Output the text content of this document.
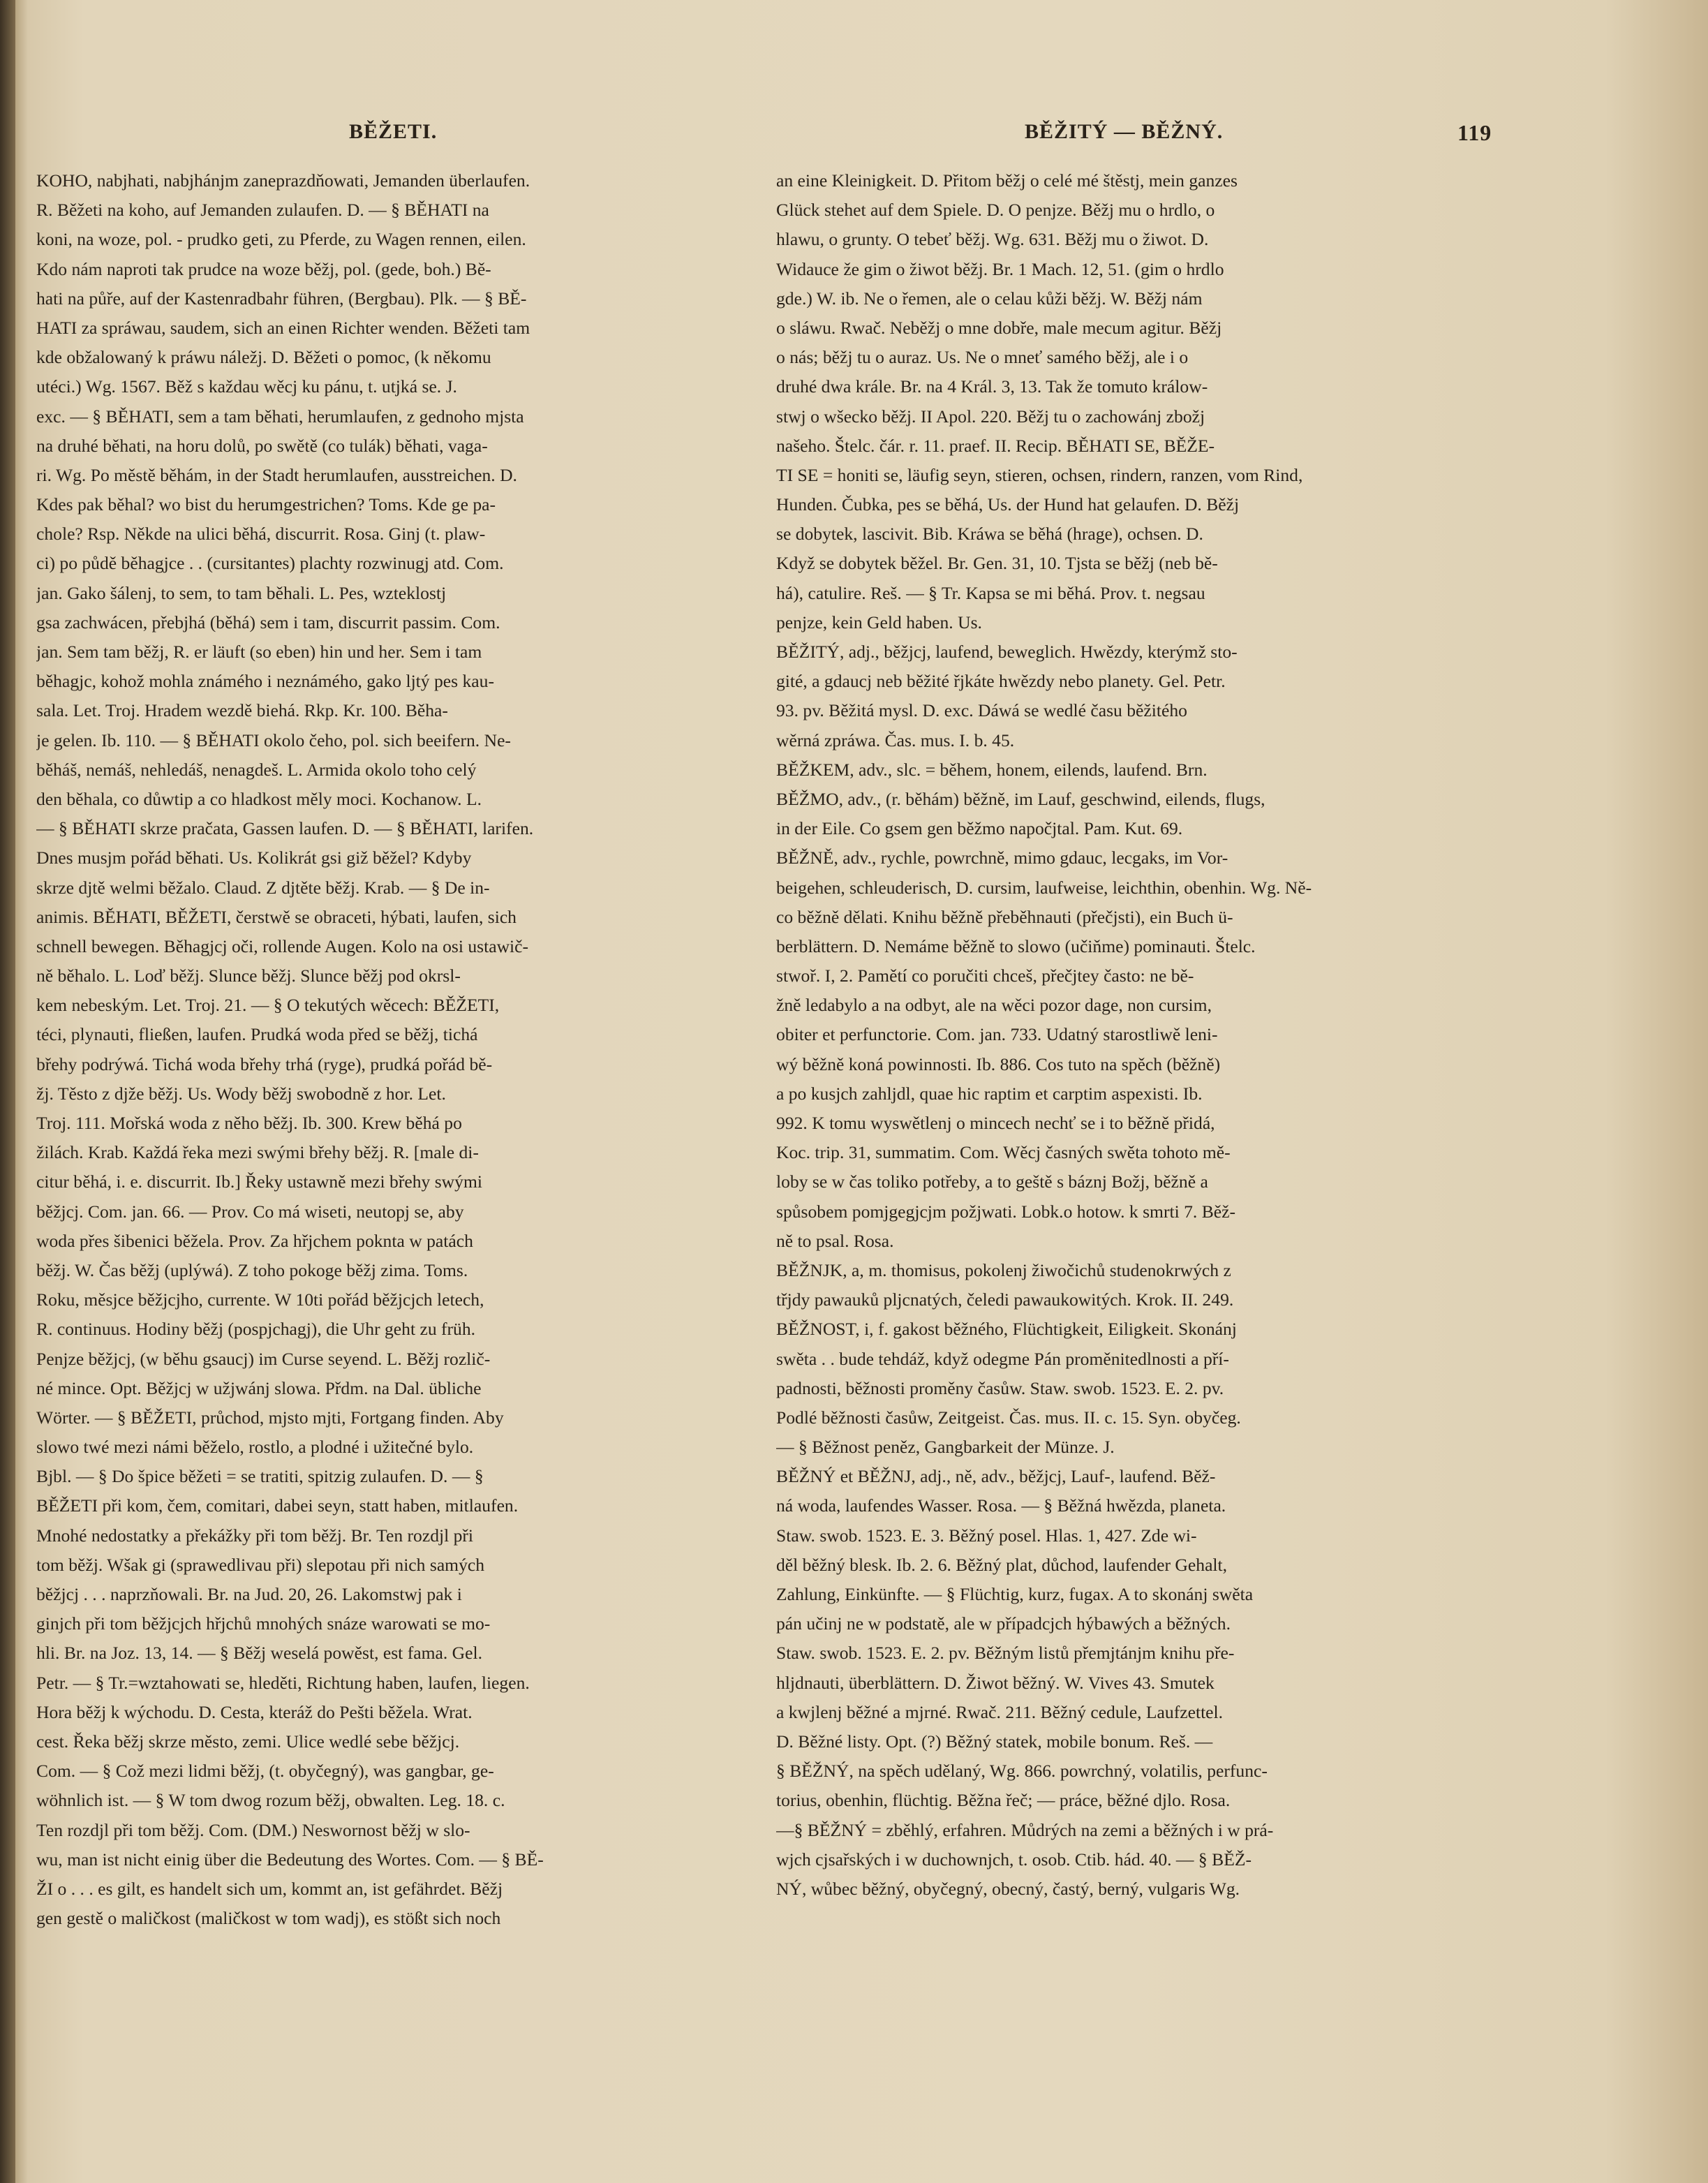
BĚŽETI.	BĚŽITÝ — BĚŽNÝ.	119
KOHO, nabjhati, nabjhánjm zaneprazdňowati, Jemanden überlaufen.
R. Běžeti na koho, auf Jemanden zulaufen. D. — § BĚHATI na
koni, na woze, pol. - prudko geti, zu Pferde, zu Wagen rennen, eilen.
Kdo nám naproti tak prudce na woze běžj, pol. (gede, boh.) Bě-
hati na půře, auf der Kastenradbahr führen, (Bergbau). Plk. — § BĚ-
HATI za spráwau, saudem, sich an einen Richter wenden. Běžeti tam
kde obžalowaný k práwu náležj. D. Běžeti o pomoc, (k někomu
utéci.) Wg. 1567. Běž s každau wěcj ku pánu, t. utjká se. J.
exc. — § BĚHATI, sem a tam běhati, herumlaufen, z gednoho mjsta
na druhé běhati, na horu dolů, po swětě (co tulák) běhati, vaga-
ri. Wg. Po městě běhám, in der Stadt herumlaufen, ausstreichen. D.
Kdes pak běhal? wo bist du herumgestrichen? Toms. Kde ge pa-
chole? Rsp. Někde na ulici běhá, discurrit. Rosa. Ginj (t. plaw-
ci) po půdě běhagjce . . (cursitantes) plachty rozwinugj atd. Com.
jan. Gako šálenj, to sem, to tam běhali. L. Pes, wzteklostj
gsa zachwácen, přebjhá (běhá) sem i tam, discurrit passim. Com.
jan. Sem tam běžj, R. er läuft (so eben) hin und her. Sem i tam
běhagjc, kohož mohla známého i neznámého, gako ljtý pes kau-
sala. Let. Troj. Hradem wezdě biehá. Rkp. Kr. 100. Běha-
je gelen. Ib. 110. — § BĚHATI okolo čeho, pol. sich beeifern. Ne-
běháš, nemáš, nehledáš, nenagdeš. L. Armida okolo toho celý
den běhala, co důwtip a co hladkost měly moci. Kochanow. L.
— § BĚHATI skrze pračata, Gassen laufen. D. — § BĚHATI, larifen.
Dnes musjm pořád běhati. Us. Kolikrát gsi giž běžel? Kdyby
skrze djtě welmi běžalo. Claud. Z djtěte běžj. Krab. — § De in-
animis. BĚHATI, BĚŽETI, čerstwě se obraceti, hýbati, laufen, sich
schnell bewegen. Běhagjcj oči, rollende Augen. Kolo na osi ustawič-
ně běhalo. L. Loď běžj. Slunce běžj. Slunce běžj pod okrsl-
kem nebeským. Let. Troj. 21. — § O tekutých wěcech: BĚŽETI,
téci, plynauti, fließen, laufen. Prudká woda před se běžj, tichá
břehy podrýwá. Tichá woda břehy trhá (ryge), prudká pořád bě-
žj. Těsto z djže běžj. Us. Wody běžj swobodně z hor. Let.
Troj. 111. Mořská woda z něho běžj. Ib. 300. Krew běhá po
žilách. Krab. Každá řeka mezi swými břehy běžj. R. [male di-
citur běhá, i. e. discurrit. Ib.] Řeky ustawně mezi břehy swými
běžjcj. Com. jan. 66. — Prov. Co má wiseti, neutopj se, aby
woda přes šibenici běžela. Prov. Za hřjchem poknta w patách
běžj. W. Čas běžj (uplýwá). Z toho pokoge běžj zima. Toms.
Roku, měsjce běžjcjho, currente. W 10ti pořád běžjcjch letech,
R. continuus. Hodiny běžj (pospjchagj), die Uhr geht zu früh.
Penjze běžjcj, (w běhu gsaucj) im Curse seyend. L. Běžj rozlič-
né mince. Opt. Běžjcj w užjwánj slowa. Přdm. na Dal. übliche
Wörter. — § BĚŽETI, průchod, mjsto mjti, Fortgang finden. Aby
slowo twé mezi námi běželo, rostlo, a plodné i užitečné bylo.
Bjbl. — § Do špice běžeti = se tratiti, spitzig zulaufen. D. — §
BĚŽETI při kom, čem, comitari, dabei seyn, statt haben, mitlaufen.
Mnohé nedostatky a překážky při tom běžj. Br. Ten rozdjl při
tom běžj. Wšak gi (sprawedlivau při) slepotau při nich samých
běžjcj . . . naprzňowali. Br. na Jud. 20, 26. Lakomstwj pak i
ginjch při tom běžjcjch hřjchů mnohých snáze warowati se mo-
hli. Br. na Joz. 13, 14. — § Běžj weselá powěst, est fama. Gel.
Petr. — § Tr.=wztahowati se, hleděti, Richtung haben, laufen, liegen.
Hora běžj k wýchodu. D. Cesta, kteráž do Pešti běžela. Wrat.
cest. Řeka běžj skrze město, zemi. Ulice wedlé sebe běžjcj.
Com. — § Což mezi lidmi běžj, (t. obyčegný), was gangbar, ge-
wöhnlich ist. — § W tom dwog rozum běžj, obwalten. Leg. 18. c.
Ten rozdjl při tom běžj. Com. (DM.) Neswornost běžj w slo-
wu, man ist nicht einig über die Bedeutung des Wortes. Com. — § BĚ-
ŽI o . . . es gilt, es handelt sich um, kommt an, ist gefährdet. Běžj
gen gestě o maličkost (maličkost w tom wadj), es stößt sich noch
an eine Kleinigkeit. D. Přitom běžj o celé mé štěstj, mein ganzes
Glück stehet auf dem Spiele. D. O penjze. Běžj mu o hrdlo, o
hlawu, o grunty. O tebeť běžj. Wg. 631. Běžj mu o žiwot. D.
Widauce že gim o žiwot běžj. Br. 1 Mach. 12, 51. (gim o hrdlo
gde.) W. ib. Ne o řemen, ale o celau kůži běžj. W. Běžj nám
o sláwu. Rwač. Neběžj o mne dobře, male mecum agitur. Běžj
o nás; běžj tu o auraz. Us. Ne o mneť samého běžj, ale i o
druhé dwa krále. Br. na 4 Král. 3, 13. Tak že tomuto králow-
stwj o wšecko běžj. II Apol. 220. Běžj tu o zachowánj zbožj
našeho. Štelc. čár. r. 11. praef. II. Recip. BĚHATI SE, BĚŽE-
TI SE = honiti se, läufig seyn, stieren, ochsen, rindern, ranzen, vom Rind,
Hunden. Čubka, pes se běhá, Us. der Hund hat gelaufen. D. Běžj
se dobytek, lascivit. Bib. Kráwa se běhá (hrage), ochsen. D.
Když se dobytek běžel. Br. Gen. 31, 10. Tjsta se běžj (neb bě-
há), catulire. Reš. — § Tr. Kapsa se mi běhá. Prov. t. negsau
penjze, kein Geld haben. Us.
BĚŽITÝ, adj., běžjcj, laufend, beweglich. Hwězdy, kterýmž sto-
gité, a gdaucj neb běžité řjkáte hwězdy nebo planety. Gel. Petr.
93. pv. Běžitá mysl. D. exc. Dáwá se wedlé času běžitého
wěrná zpráwa. Čas. mus. I. b. 45.
BĚŽKEM, adv., slc. = během, honem, eilends, laufend. Brn.
BĚŽMO, adv., (r. běhám) běžně, im Lauf, geschwind, eilends, flugs,
in der Eile. Co gsem gen běžmo napočjtal. Pam. Kut. 69.
BĚŽNĚ, adv., rychle, powrchně, mimo gdauc, lecgaks, im Vor-
beigehen, schleuderisch, D. cursim, laufweise, leichthin, obenhin. Wg. Ně-
co běžně dělati. Knihu běžně přeběhnauti (přečjsti), ein Buch ü-
berblättern. D. Nemáme běžně to slowo (učiňme) pominauti. Štelc.
stwoř. I, 2. Pamětí co poručiti chceš, přečjtey často: ne bě-
žně ledabylo a na odbyt, ale na wěci pozor dage, non cursim,
obiter et perfunctorie. Com. jan. 733. Udatný starostliwě leni-
wý běžně koná powinnosti. Ib. 886. Cos tuto na spěch (běžně)
a po kusjch zahljdl, quae hic raptim et carptim aspexisti. Ib.
992. K tomu wyswětlenj o mincech nechť se i to běžně přidá,
Koc. trip. 31, summatim. Com. Wěcj časných swěta tohoto mě-
loby se w čas toliko potřeby, a to geště s báznj Božj, běžně a
spůsobem pomjgegjcjm požjwati. Lobk.o hotow. k smrti 7. Běž-
ně to psal. Rosa.
BĚŽNJK, a, m. thomisus, pokolenj žiwočichů studenokrwých z
třjdy pawauků pljcnatých, čeledi pawaukowitých. Krok. II. 249.
BĚŽNOST, i, f. gakost běžného, Flüchtigkeit, Eiligkeit. Skonánj
swěta . . bude tehdáž, když odegme Pán proměnitedlnosti a pří-
padnosti, běžnosti proměny časůw. Staw. swob. 1523. E. 2. pv.
Podlé běžnosti časůw, Zeitgeist. Čas. mus. II. c. 15. Syn. obyčeg.
— § Běžnost peněz, Gangbarkeit der Münze. J.
BĚŽNÝ et BĚŽNJ, adj., ně, adv., běžjcj, Lauf-, laufend. Běž-
ná woda, laufendes Wasser. Rosa. — § Běžná hwězda, planeta.
Staw. swob. 1523. E. 3. Běžný posel. Hlas. 1, 427. Zde wi-
děl běžný blesk. Ib. 2. 6. Běžný plat, důchod, laufender Gehalt,
Zahlung, Einkünfte. — § Flüchtig, kurz, fugax. A to skonánj swěta
pán učinj ne w podstatě, ale w případcjch hýbawých a běžných.
Staw. swob. 1523. E. 2. pv. Běžným listů přemjtánjm knihu pře-
hljdnauti, überblättern. D. Žiwot běžný. W. Vives 43. Smutek
a kwjlenj běžné a mjrné. Rwač. 211. Běžný cedule, Laufzettel.
D. Běžné listy. Opt. (?) Běžný statek, mobile bonum. Reš. —
§ BĚŽNÝ, na spěch udělaný, Wg. 866. powrchný, volatilis, perfunc-
torius, obenhin, flüchtig. Běžna řeč; — práce, běžné djlo. Rosa.
—§ BĚŽNÝ = zběhlý, erfahren. Můdrých na zemi a běžných i w prá-
wjch cjsařských i w duchownjch, t. osob. Ctib. hád. 40. — § BĚŽ-
NÝ, wůbec běžný, obyčegný, obecný, častý, berný, vulgaris Wg.
